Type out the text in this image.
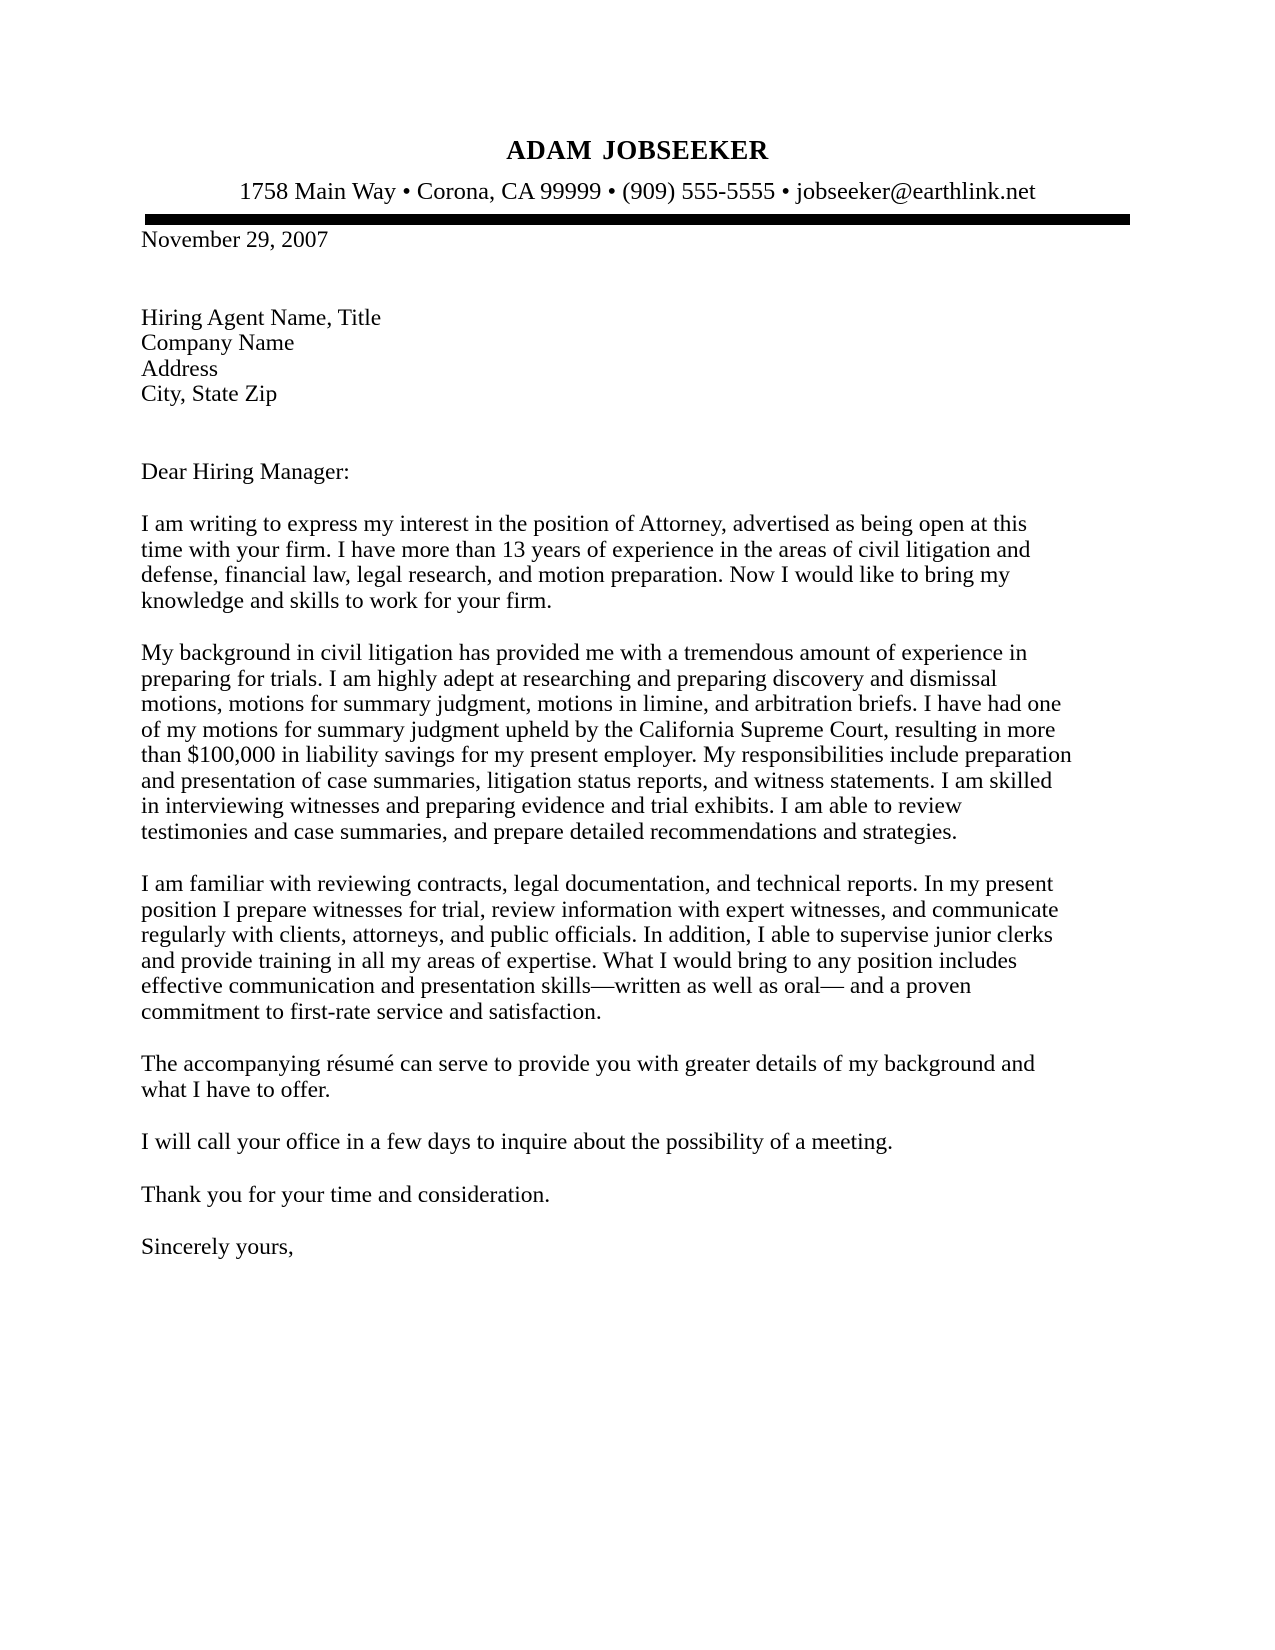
adam jobseeker
1758 Main Way • Corona, CA 99999 • (909) 555-5555 • jobseeker@earthlink.net
November 29, 2007
Hiring Agent Name, Title
Company Name
Address
City, State Zip
Dear Hiring Manager:

I am writing to express my interest in the position of Attorney, advertised as being open at this time with your firm. I have more than 13 years of experience in the areas of civil litigation and defense, financial law, legal research, and motion preparation. Now I would like to bring my knowledge and skills to work for your firm.

My background in civil litigation has provided me with a tremendous amount of experience in preparing for trials. I am highly adept at researching and preparing discovery and dismissal motions, motions for summary judgment, motions in limine, and arbitration briefs. I have had one of my motions for summary judgment upheld by the California Supreme Court, resulting in more than $100,000 in liability savings for my present employer. My responsibilities include preparation and presentation of case summaries, litigation status reports, and witness statements. I am skilled in interviewing witnesses and preparing evidence and trial exhibits. I am able to review testimonies and case summaries, and prepare detailed recommendations and strategies.

I am familiar with reviewing contracts, legal documentation, and technical reports. In my present position I prepare witnesses for trial, review information with expert witnesses, and communicate regularly with clients, attorneys, and public officials. In addition, I able to supervise junior clerks and provide training in all my areas of expertise. What I would bring to any position includes effective communication and presentation skills—written as well as oral— and a proven commitment to first-rate service and satisfaction.

The accompanying résumé can serve to provide you with greater details of my background and what I have to offer.

I will call your office in a few days to inquire about the possibility of a meeting.

Thank you for your time and consideration.

Sincerely yours,
